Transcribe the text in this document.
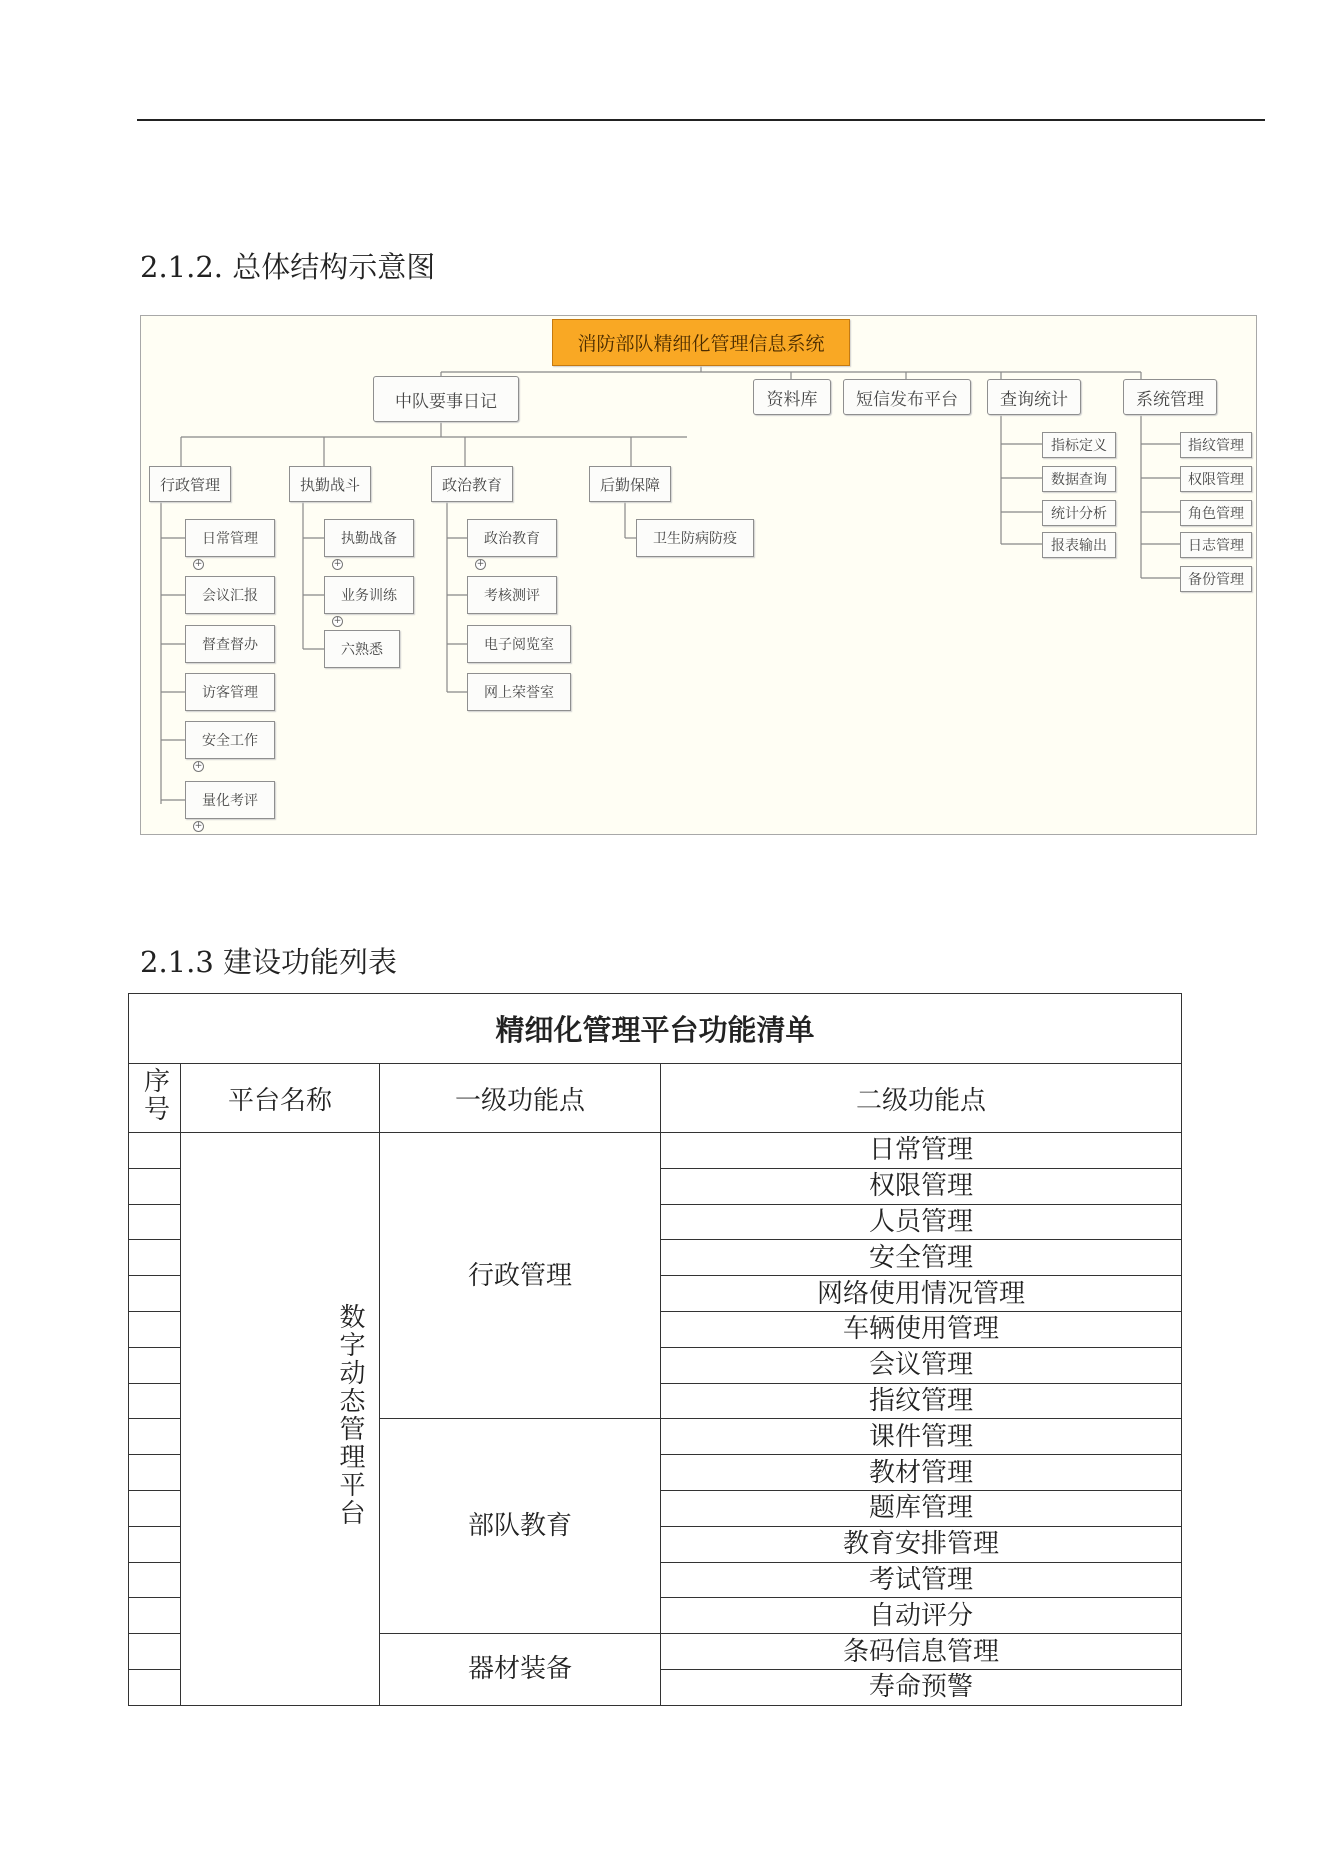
2.1.2. 总体结构示意图
消防部队精细化管理信息系统
中队要事日记	资料库	短信发布平台	查询统计	系统管理
行政管理	执勤战斗	政治教育	后勤保障
日常管理
+
会议汇报
督查督办
访客管理
安全工作
+
量化考评
+
执勤战备
+
业务训练
+
六熟悉
政治教育
+
考核测评
电子阅览室
网上荣誉室
卫生防病防疫
指标定义
数据查询
统计分析
报表输出
指纹管理
权限管理
角色管理
日志管理
备份管理
2.1.3 建设功能列表
精细化管理平台功能清单			
序号	平台名称	一级功能点	二级功能点
	数字动态管理平台	行政管理	日常管理
			权限管理
			人员管理
			安全管理
			网络使用情况管理
			车辆使用管理
			会议管理
			指纹管理
		部队教育	课件管理
			教材管理
			题库管理
			教育安排管理
			考试管理
			自动评分
		器材装备	条码信息管理
			寿命预警
